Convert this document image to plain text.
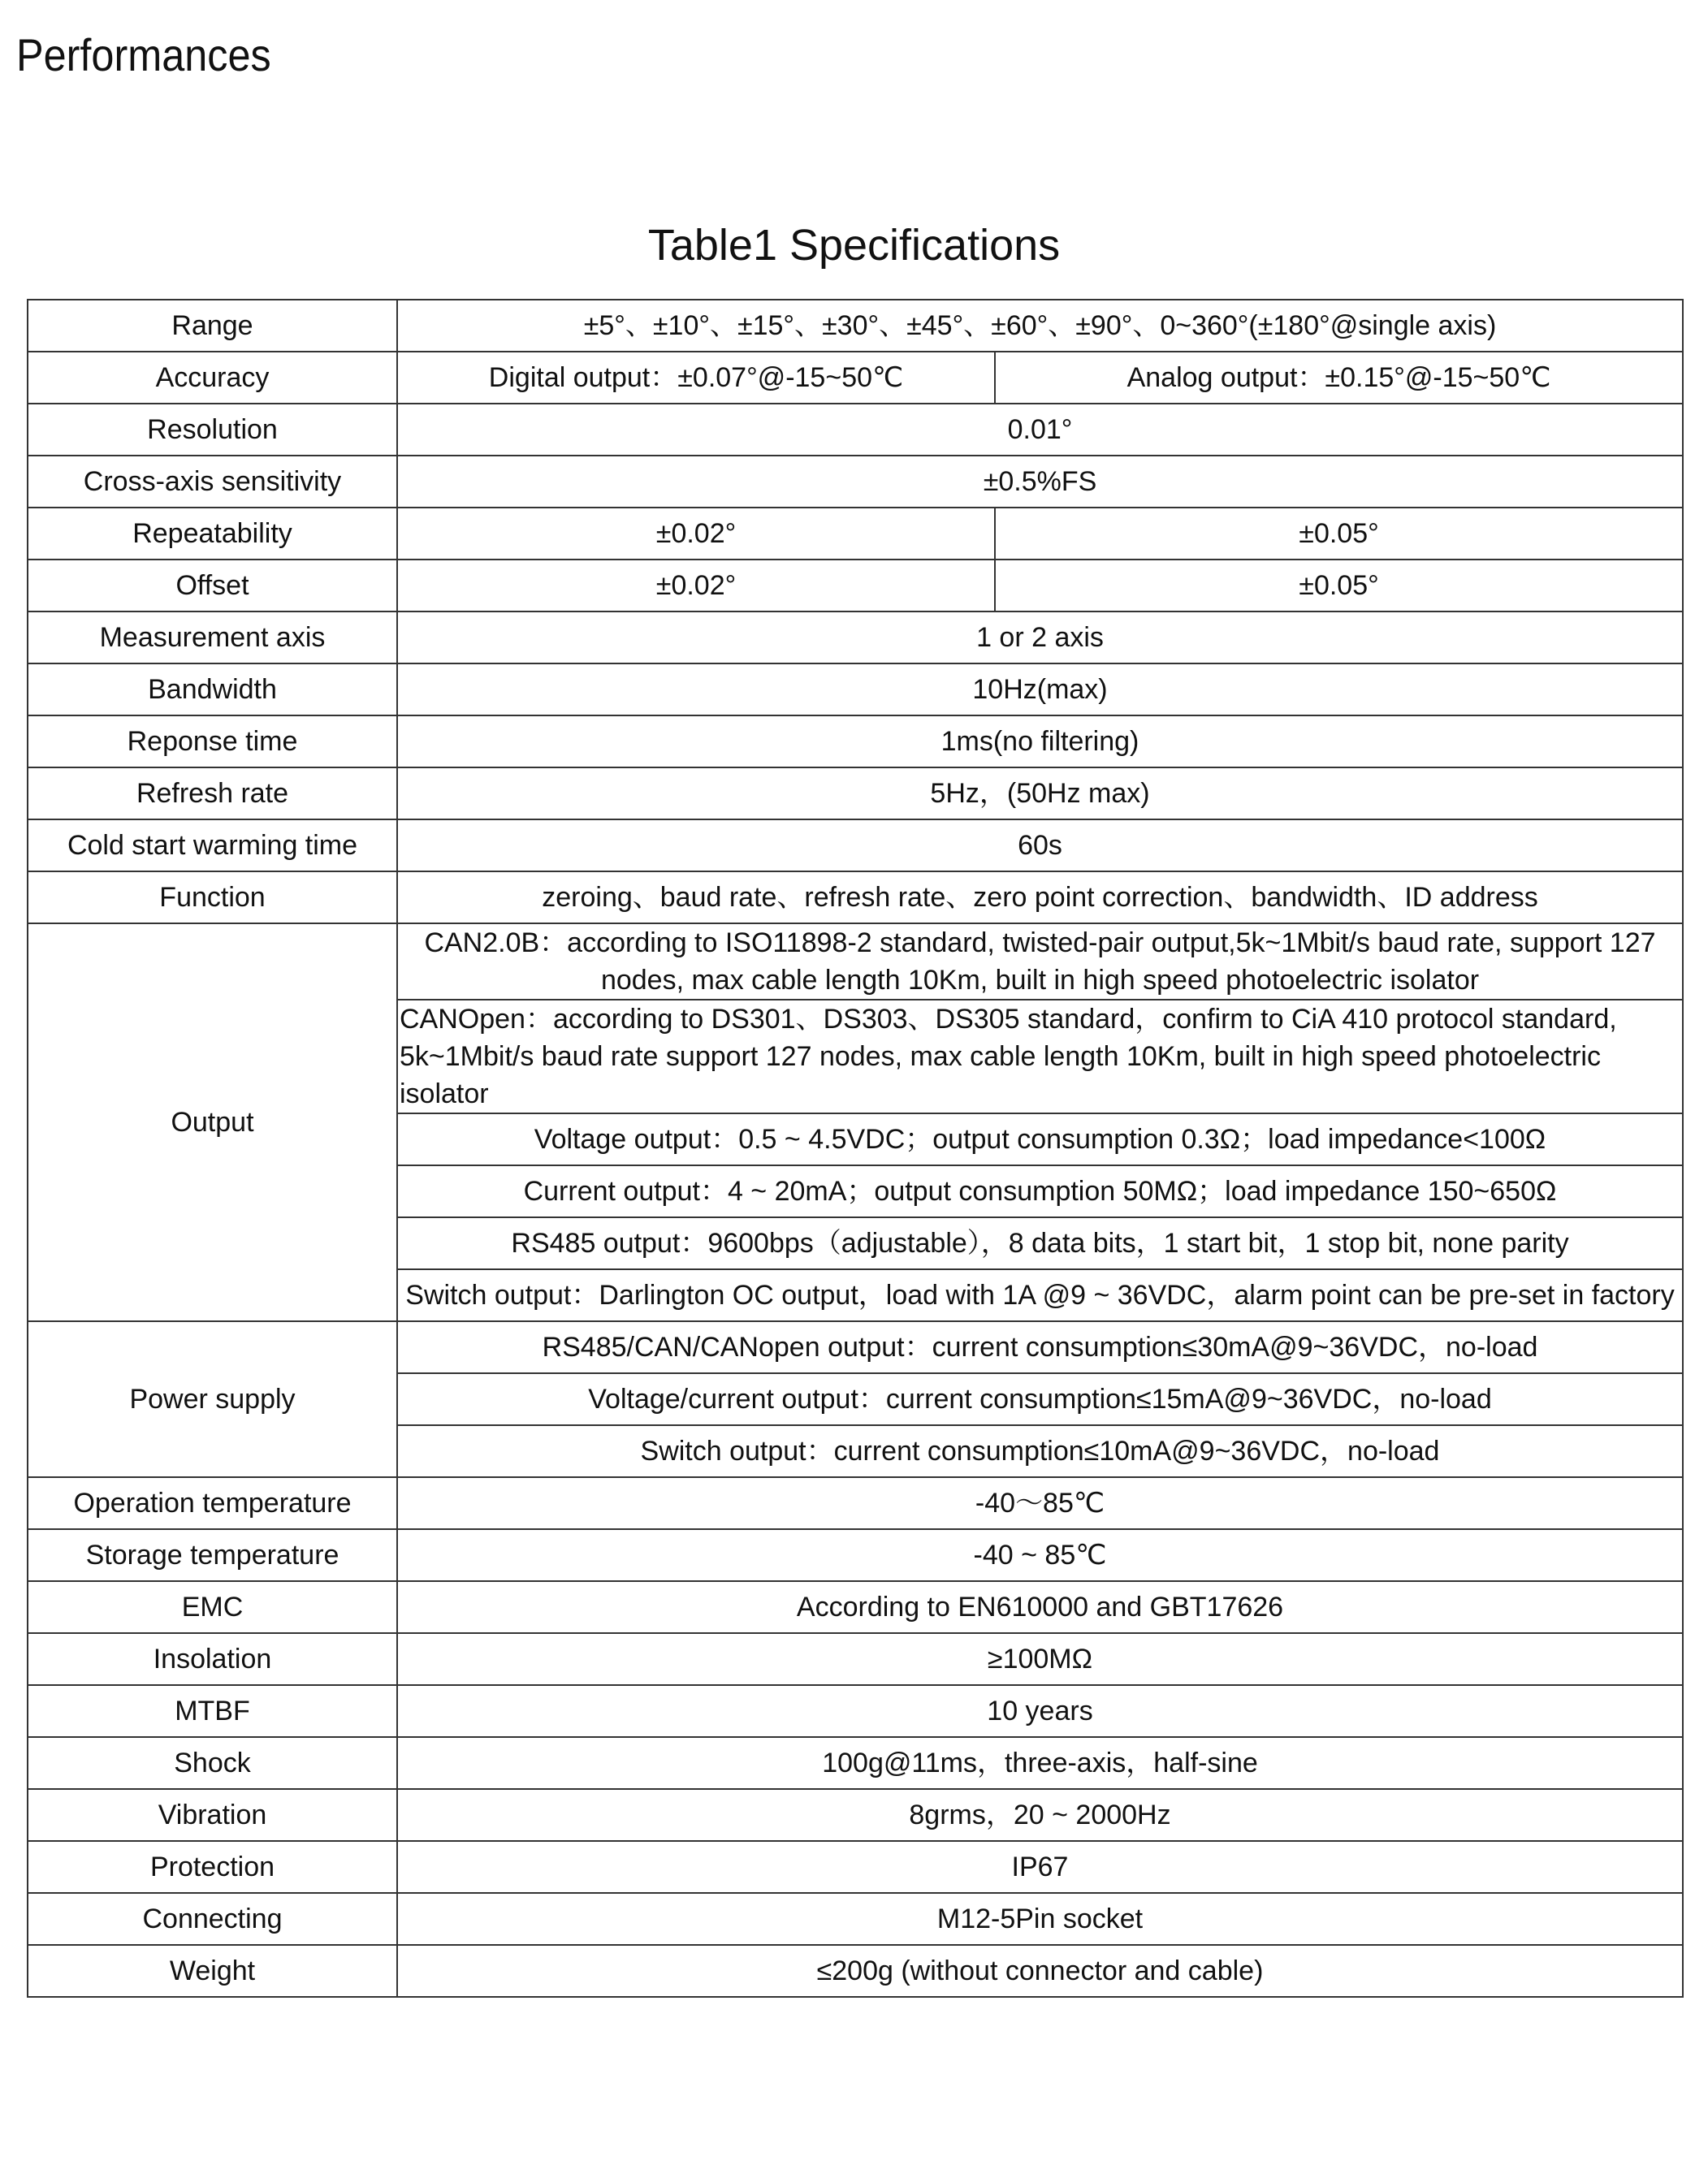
Performances
Table1 Specifications
Range	±5°、±10°、±15°、±30°、±45°、±60°、±90°、0~360°(±180°@single axis)	
Accuracy	Digital output：±0.07°@-15~50℃	Analog output：±0.15°@-15~50℃
Resolution	0.01°	
Cross-axis sensitivity	±0.5%FS	
Repeatability	±0.02°	±0.05°
Offset	±0.02°	±0.05°
Measurement axis	1 or 2 axis	
Bandwidth	10Hz(max)	
Reponse time	1ms(no filtering)	
Refresh rate	5Hz，(50Hz max)	
Cold start warming time	60s	
Function	zeroing、baud rate、refresh rate、zero point correction、bandwidth、ID address	
Output	CAN2.0B：according to ISO11898-2 standard, twisted-pair output,5k~1Mbit/s baud rate, support 127 nodes, max cable length 10Km, built in high speed photoelectric isolator	
	CANOpen：according to DS301、DS303、DS305 standard，confirm to CiA 410 protocol standard, 5k~1Mbit/s baud rate support 127 nodes, max cable length 10Km, built in high speed photoelectric isolator	
	Voltage output：0.5 ~ 4.5VDC；output consumption 0.3Ω；load impedance<100Ω	
	Current output：4 ~ 20mA；output consumption 50MΩ；load impedance 150~650Ω	
	RS485 output：9600bps（adjustable），8 data bits，1 start bit，1 stop bit, none parity	
	Switch output：Darlington OC output，load with 1A @9 ~ 36VDC，alarm point can be pre-set in factory	
Power supply	RS485/CAN/CANopen output：current consumption≤30mA@9~36VDC，no-load	
	Voltage/current output：current consumption≤15mA@9~36VDC，no-load	
	Switch output：current consumption≤10mA@9~36VDC，no-load	
Operation temperature	-40～85℃	
Storage temperature	-40 ~ 85℃	
EMC	According to EN610000 and GBT17626	
Insolation	≥100MΩ	
MTBF	10 years	
Shock	100g@11ms，three-axis，half-sine	
Vibration	8grms，20 ~ 2000Hz	
Protection	IP67	
Connecting	M12-5Pin socket	
Weight	≤200g (without connector and cable)	
